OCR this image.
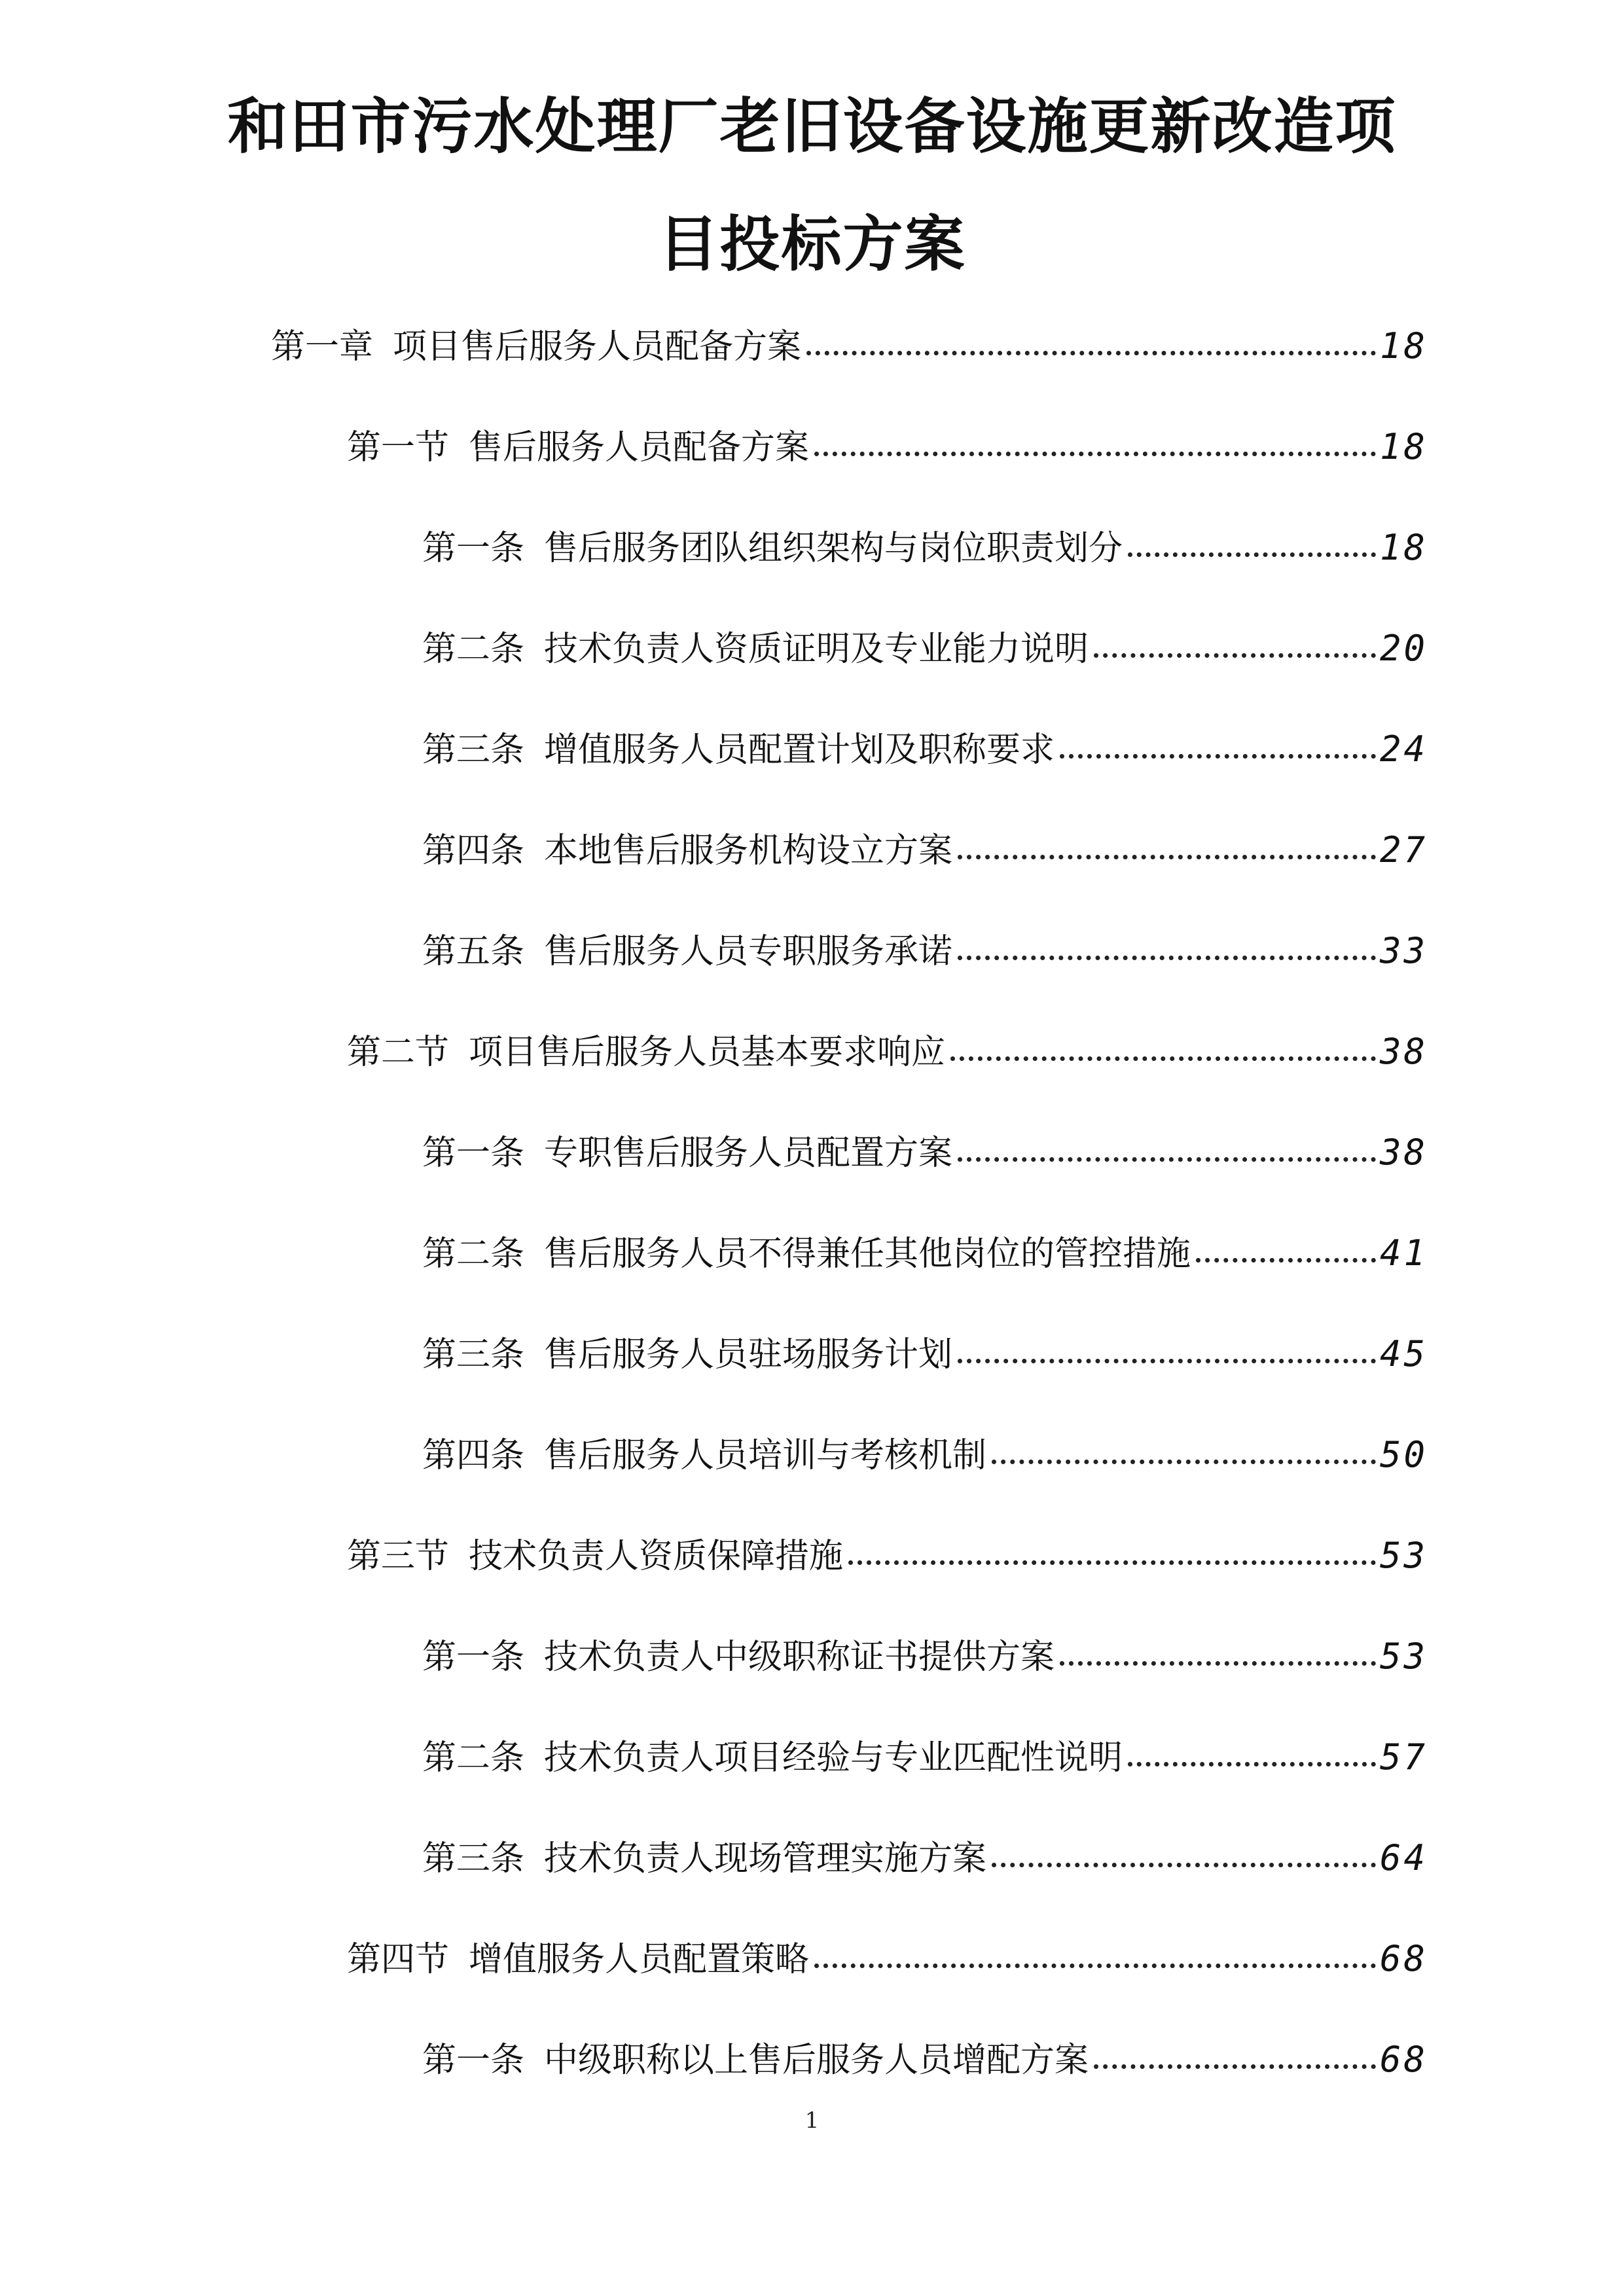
和田市污水处理厂老旧设备设施更新改造项
目投标方案
第一章 项目售后服务人员配备方案	18
第一节 售后服务人员配备方案	18
第一条 售后服务团队组织架构与岗位职责划分	18
第二条 技术负责人资质证明及专业能力说明	20
第三条 增值服务人员配置计划及职称要求	24
第四条 本地售后服务机构设立方案	27
第五条 售后服务人员专职服务承诺	33
第二节 项目售后服务人员基本要求响应	38
第一条 专职售后服务人员配置方案	38
第二条 售后服务人员不得兼任其他岗位的管控措施	41
第三条 售后服务人员驻场服务计划	45
第四条 售后服务人员培训与考核机制	50
第三节 技术负责人资质保障措施	53
第一条 技术负责人中级职称证书提供方案	53
第二条 技术负责人项目经验与专业匹配性说明	57
第三条 技术负责人现场管理实施方案	64
第四节 增值服务人员配置策略	68
第一条 中级职称以上售后服务人员增配方案	68
1
